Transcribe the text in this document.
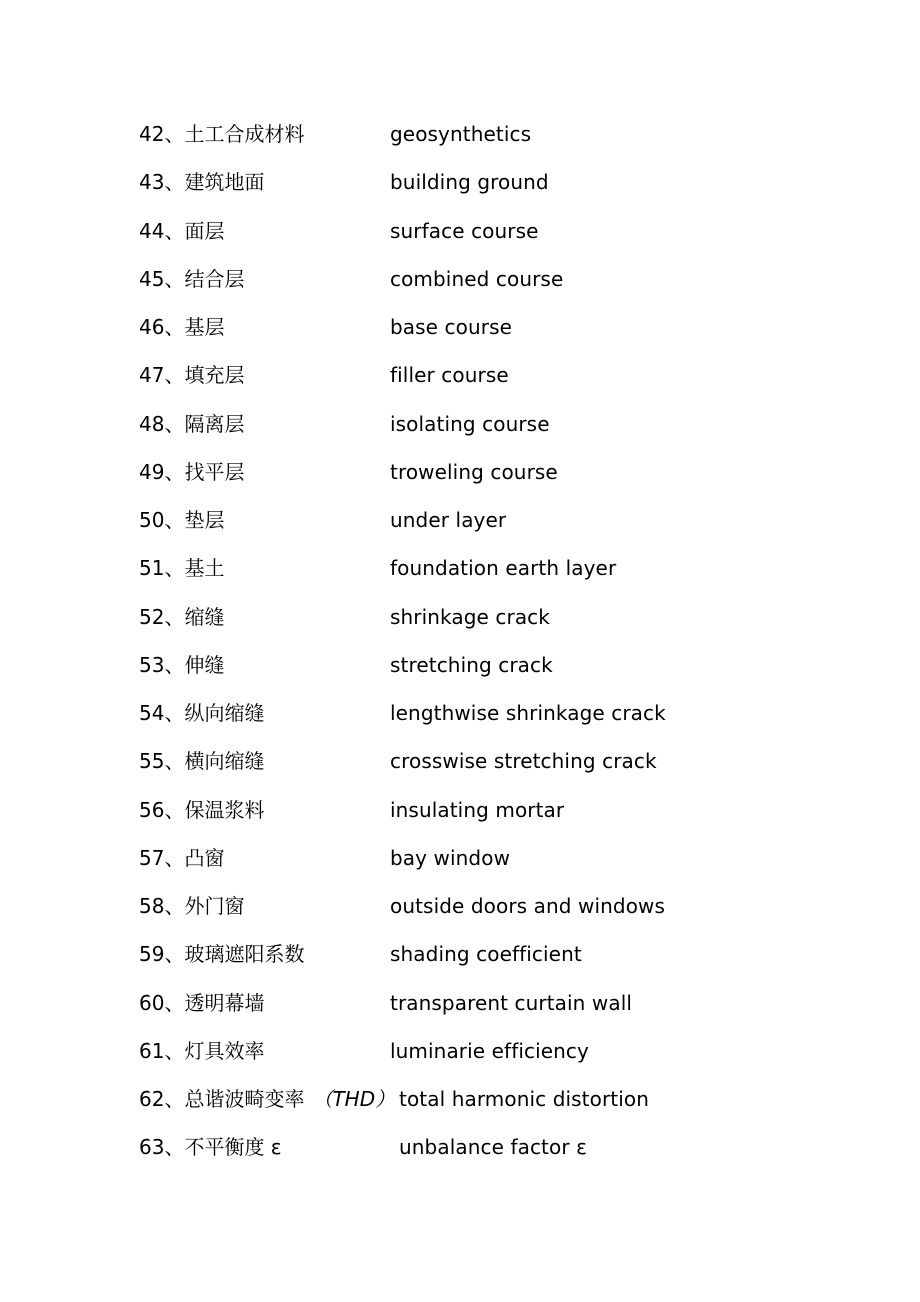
42、土工合成材料	geosynthetics
43、建筑地面	building ground
44、面层	surface course
45、结合层	combined course
46、基层	base course
47、填充层	filler course
48、隔离层	isolating course
49、找平层	troweling course
50、垫层	under layer
51、基土	foundation earth layer
52、缩缝	shrinkage crack
53、伸缝	stretching crack
54、纵向缩缝	lengthwise shrinkage crack
55、横向缩缝	crosswise stretching crack
56、保温浆料	insulating mortar
57、凸窗	bay window
58、外门窗	outside doors and windows
59、玻璃遮阳系数	shading coefficient
60、透明幕墙	transparent curtain wall
61、灯具效率	luminarie efficiency
62、总谐波畸变率 （THD） total harmonic distortion
63、不平衡度 ε	unbalance factor ε
